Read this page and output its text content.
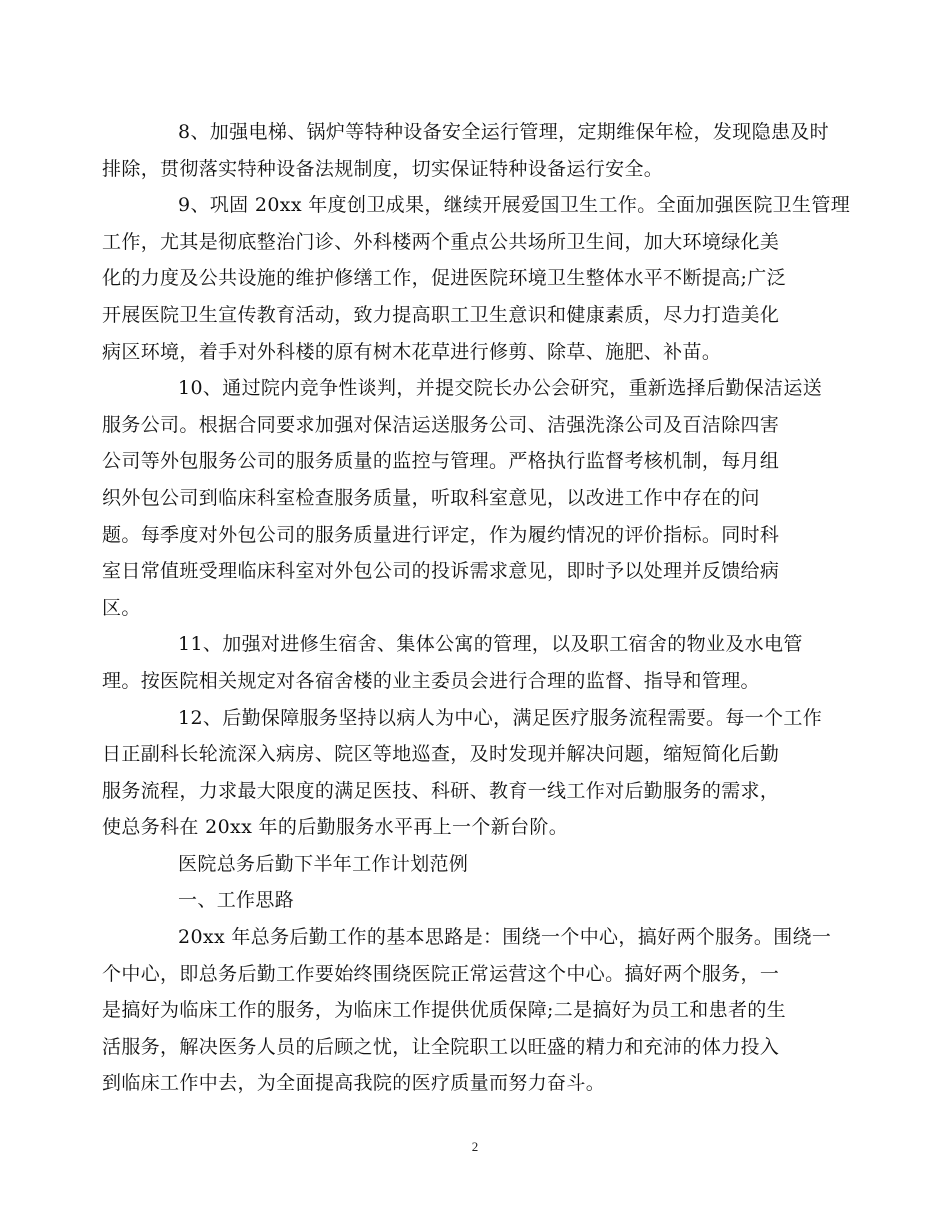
8、加强电梯、锅炉等特种设备安全运行管理，定期维保年检，发现隐患及时
排除，贯彻落实特种设备法规制度，切实保证特种设备运行安全。

9、巩固 20xx 年度创卫成果，继续开展爱国卫生工作。全面加强医院卫生管理
工作，尤其是彻底整治门诊、外科楼两个重点公共场所卫生间，加大环境绿化美
化的力度及公共设施的维护修缮工作，促进医院环境卫生整体水平不断提高;广泛
开展医院卫生宣传教育活动，致力提高职工卫生意识和健康素质，尽力打造美化
病区环境，着手对外科楼的原有树木花草进行修剪、除草、施肥、补苗。

10、通过院内竞争性谈判，并提交院长办公会研究，重新选择后勤保洁运送
服务公司。根据合同要求加强对保洁运送服务公司、洁强洗涤公司及百洁除四害
公司等外包服务公司的服务质量的监控与管理。严格执行监督考核机制，每月组
织外包公司到临床科室检查服务质量，听取科室意见，以改进工作中存在的问
题。每季度对外包公司的服务质量进行评定，作为履约情况的评价指标。同时科
室日常值班受理临床科室对外包公司的投诉需求意见，即时予以处理并反馈给病
区。

11、加强对进修生宿舍、集体公寓的管理，以及职工宿舍的物业及水电管
理。按医院相关规定对各宿舍楼的业主委员会进行合理的监督、指导和管理。

12、后勤保障服务坚持以病人为中心，满足医疗服务流程需要。每一个工作
日正副科长轮流深入病房、院区等地巡查，及时发现并解决问题，缩短简化后勤
服务流程，力求最大限度的满足医技、科研、教育一线工作对后勤服务的需求，
使总务科在 20xx 年的后勤服务水平再上一个新台阶。

医院总务后勤下半年工作计划范例

一、工作思路

20xx 年总务后勤工作的基本思路是：围绕一个中心，搞好两个服务。围绕一
个中心，即总务后勤工作要始终围绕医院正常运营这个中心。搞好两个服务，一
是搞好为临床工作的服务，为临床工作提供优质保障;二是搞好为员工和患者的生
活服务，解决医务人员的后顾之忧，让全院职工以旺盛的精力和充沛的体力投入
到临床工作中去，为全面提高我院的医疗质量而努力奋斗。

2
